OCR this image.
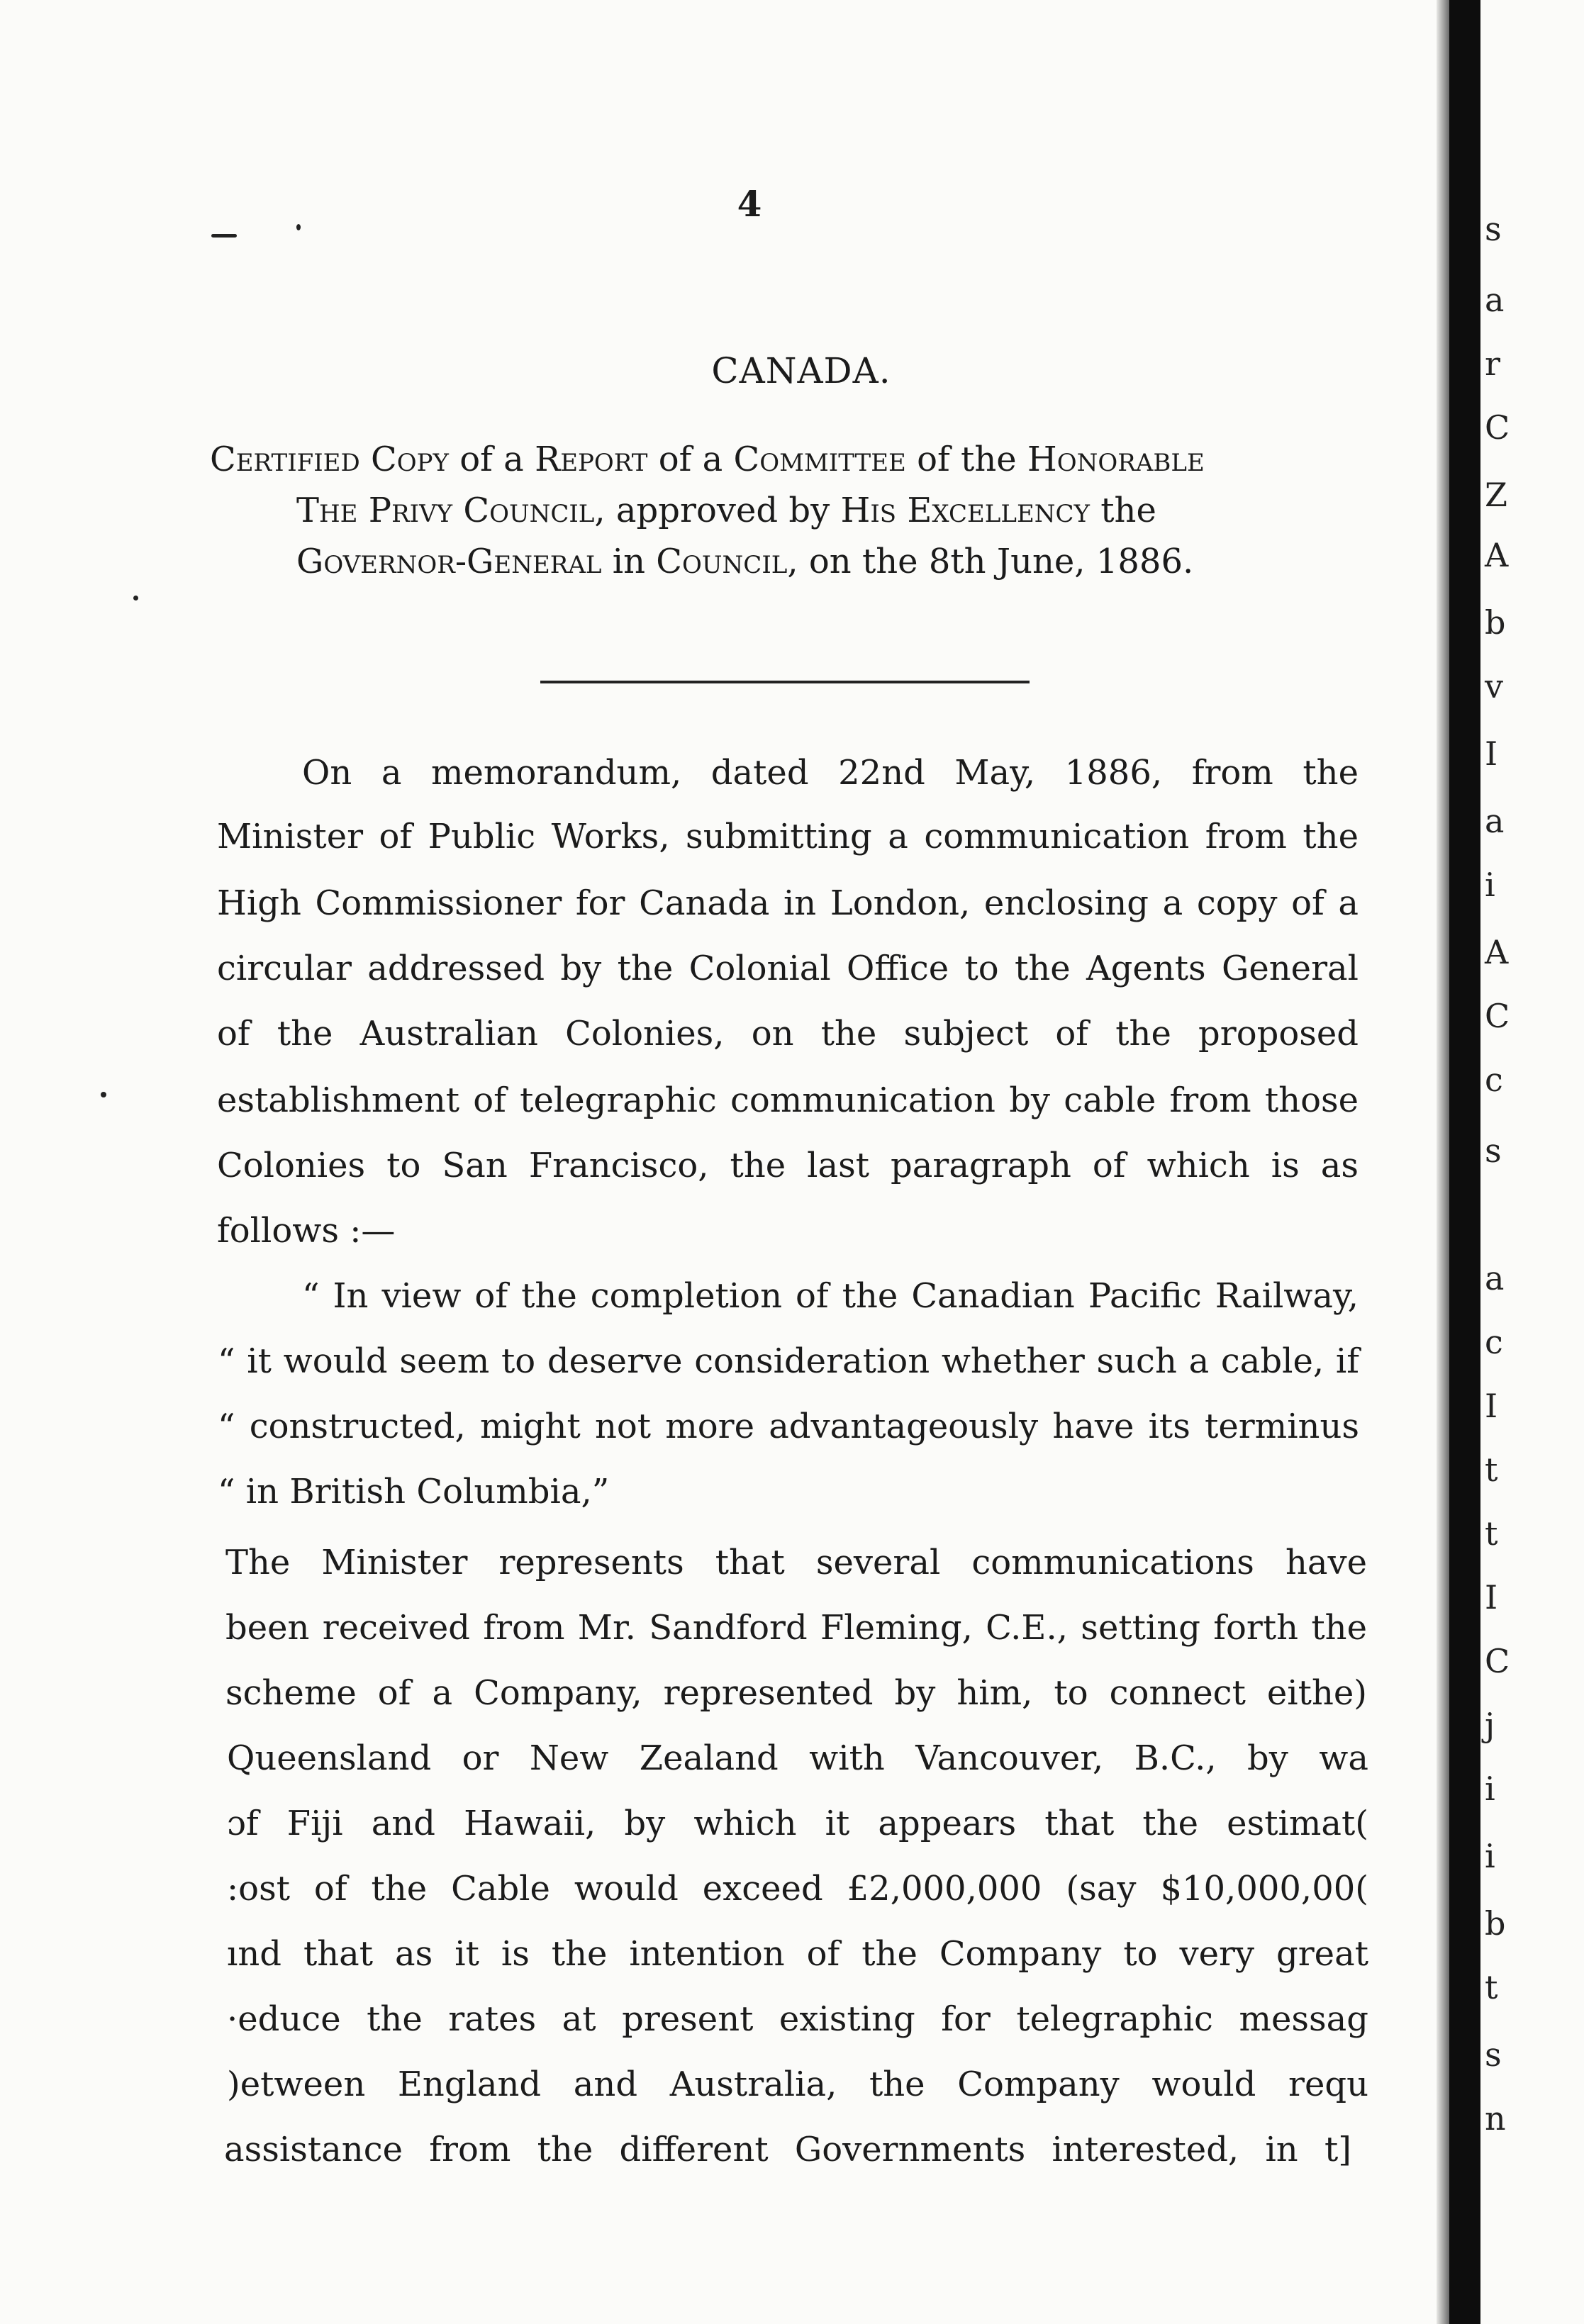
s
a
r
C
Z
A
b
v
I
a
i
A
C
c
s
a
c
I
t
t
I
C
j
i
i
b
t
s
n
4
CANADA.
Certified Copy of a Report of a Committee of the Honorable
The Privy Council, approved by His Excellency the
Governor-General in Council, on the 8th June, 1886.
On a memorandum, dated 22nd May, 1886, from the
Minister of Public Works, submitting a communication from the
High Commissioner for Canada in London, enclosing a copy of a
circular addressed by the Colonial Office to the Agents General
of the Australian Colonies, on the subject of the proposed
establishment of telegraphic communication by cable from those
Colonies to San Francisco, the last paragraph of which is as
follows :—
“ In view of the completion of the Canadian Pacific Railway,
“ it would seem to deserve consideration whether such a cable, if
“ constructed, might not more advantageously have its terminus
“ in British Columbia,”
The Minister represents that several communications have
been received from Mr. Sandford Fleming, C.E., setting forth the
scheme of a Company, represented by him, to connect eithe)
Queensland or New Zealand with Vancouver, B.C., by wa
ɔf Fiji and Hawaii, by which it appears that the estimat(
:ost of the Cable would exceed £2,000,000 (say $10,000,00(
ınd that as it is the intention of the Company to very great
·educe the rates at present existing for telegraphic messag
)etween England and Australia, the Company would requ
assistance from the different Governments interested, in t]
